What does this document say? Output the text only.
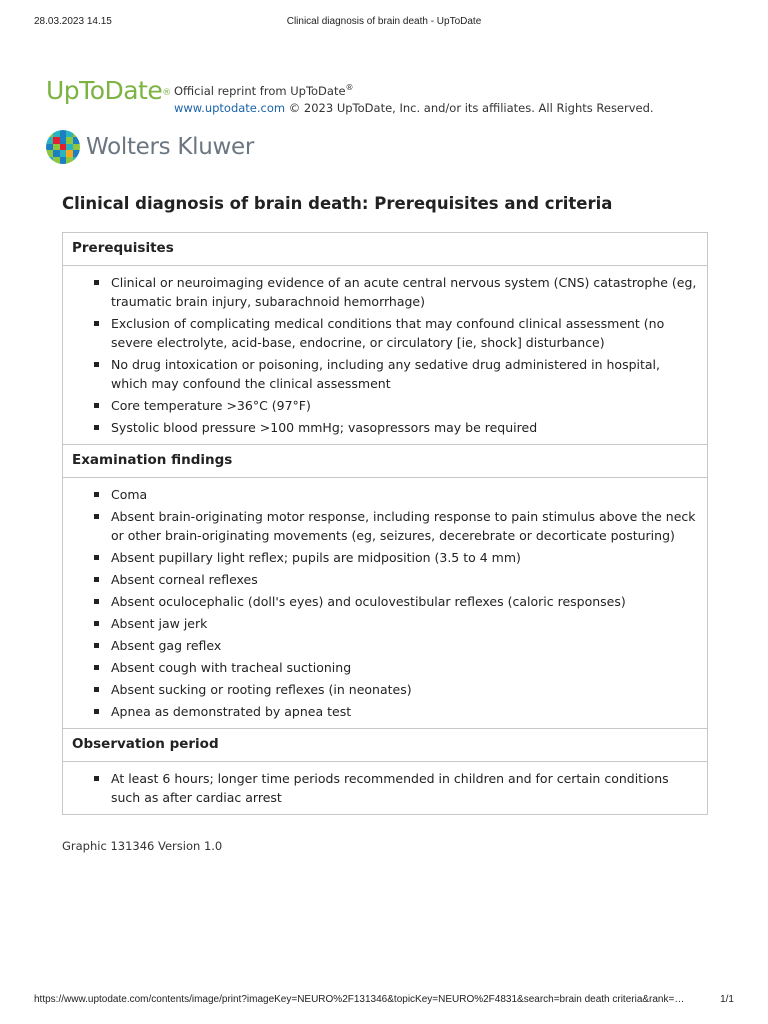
28.03.2023 14.15	Clinical diagnosis of brain death - UpToDate
UpToDate® Official reprint from UpToDate®
www.uptodate.com © 2023 UpToDate, Inc. and/or its affiliates. All Rights Reserved.
Wolters Kluwer
Clinical diagnosis of brain death: Prerequisites and criteria
Prerequisites
Clinical or neuroimaging evidence of an acute central nervous system (CNS) catastrophe (eg, traumatic brain injury, subarachnoid hemorrhage)
Exclusion of complicating medical conditions that may confound clinical assessment (no severe electrolyte, acid-base, endocrine, or circulatory [ie, shock] disturbance)
No drug intoxication or poisoning, including any sedative drug administered in hospital, which may confound the clinical assessment
Core temperature >36°C (97°F)
Systolic blood pressure >100 mmHg; vasopressors may be required
Examination findings
Coma
Absent brain-originating motor response, including response to pain stimulus above the neck or other brain-originating movements (eg, seizures, decerebrate or decorticate posturing)
Absent pupillary light reflex; pupils are midposition (3.5 to 4 mm)
Absent corneal reflexes
Absent oculocephalic (doll's eyes) and oculovestibular reflexes (caloric responses)
Absent jaw jerk
Absent gag reflex
Absent cough with tracheal suctioning
Absent sucking or rooting reflexes (in neonates)
Apnea as demonstrated by apnea test
Observation period
At least 6 hours; longer time periods recommended in children and for certain conditions such as after cardiac arrest
Graphic 131346 Version 1.0
https://www.uptodate.com/contents/image/print?imageKey=NEURO%2F131346&topicKey=NEURO%2F4831&search=brain death criteria&rank=…	1/1
